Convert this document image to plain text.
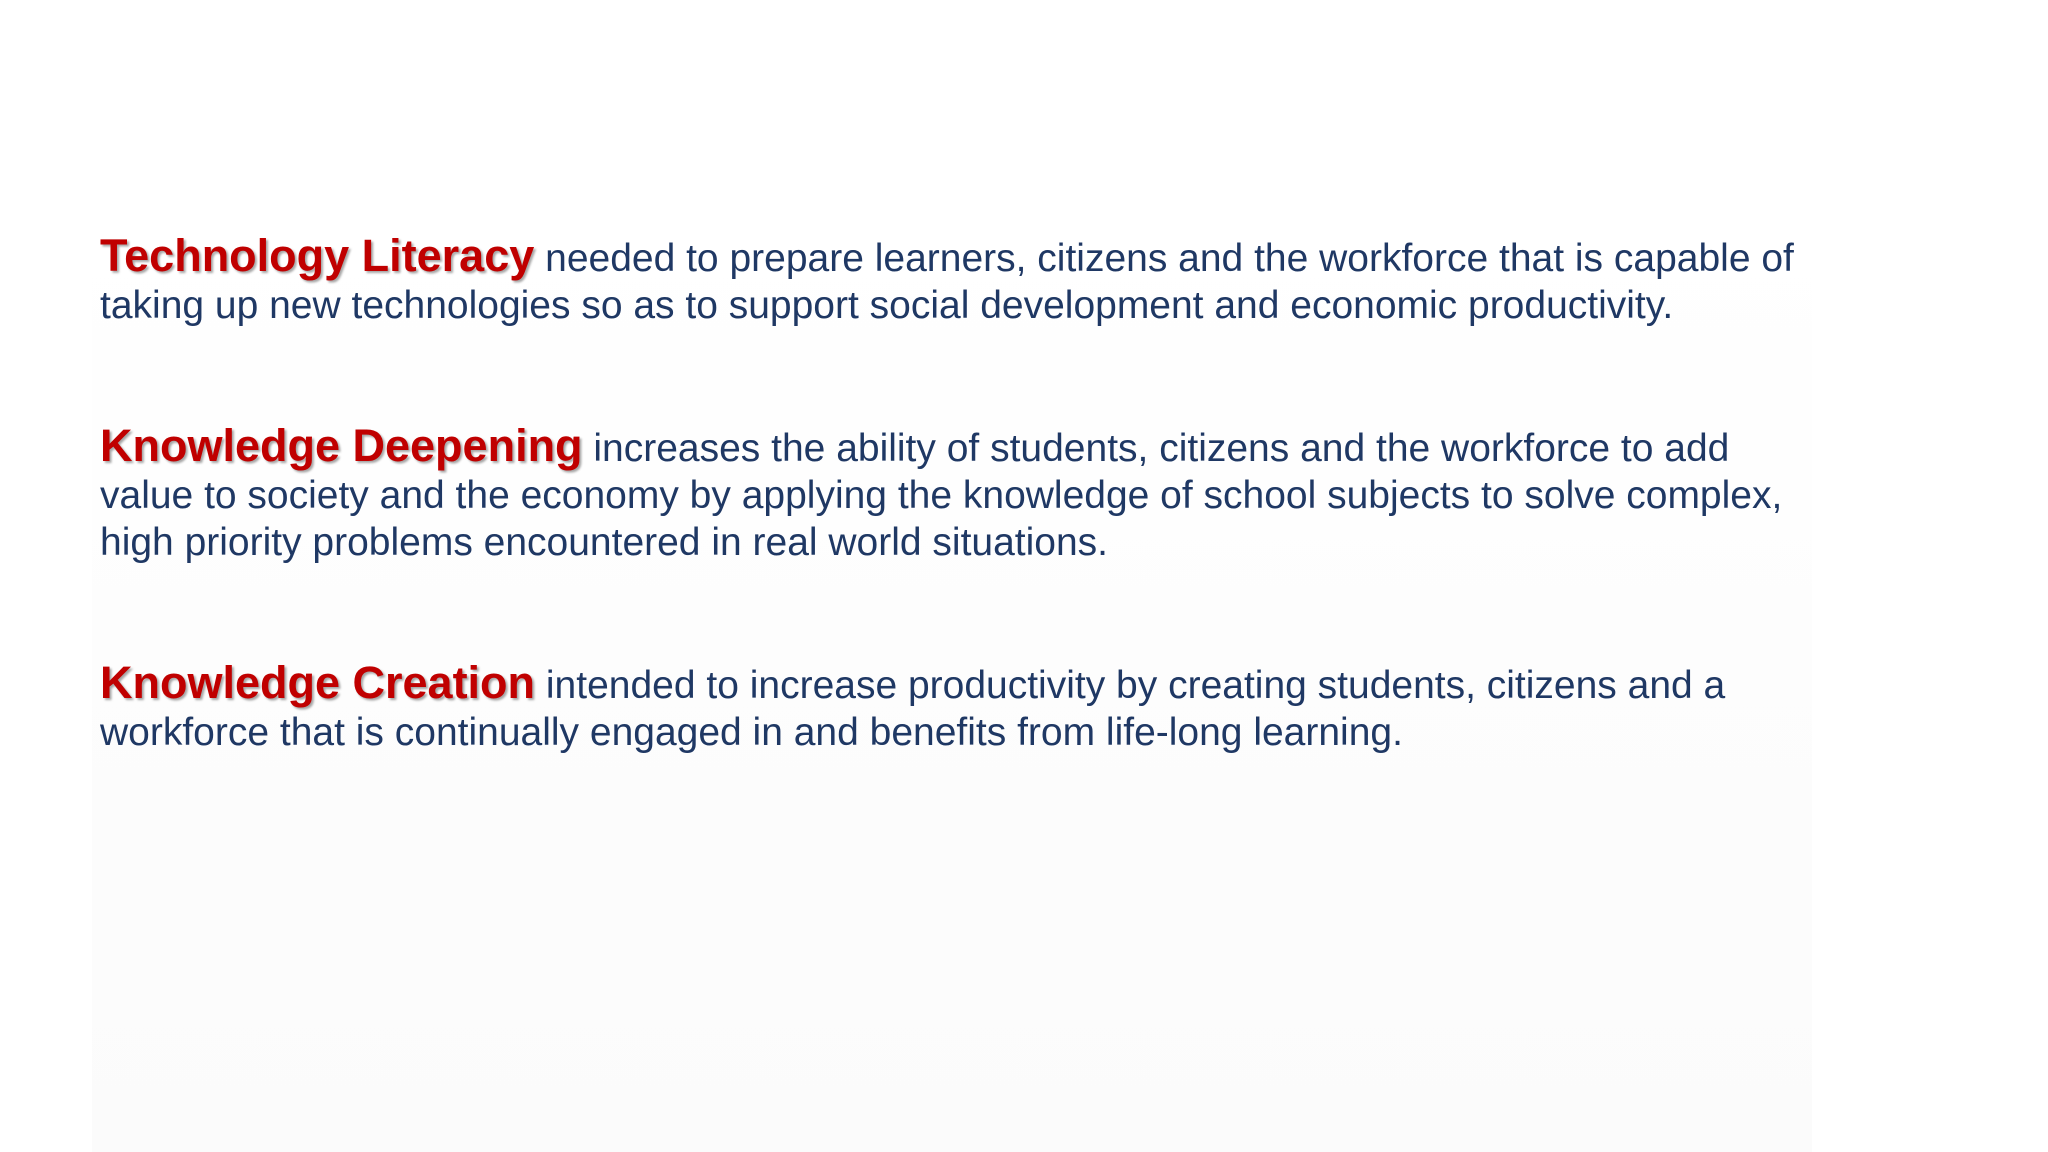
Technology Literacy needed to prepare learners, citizens and the workforce that is capable of taking up new technologies so as to support social development and economic productivity.

Knowledge Deepening increases the ability of students, citizens and the workforce to add value to society and the economy by applying the knowledge of school subjects to solve complex, high priority problems encountered in real world situations.

Knowledge Creation intended to increase productivity by creating students, citizens and a workforce that is continually engaged in and benefits from life-long learning.
